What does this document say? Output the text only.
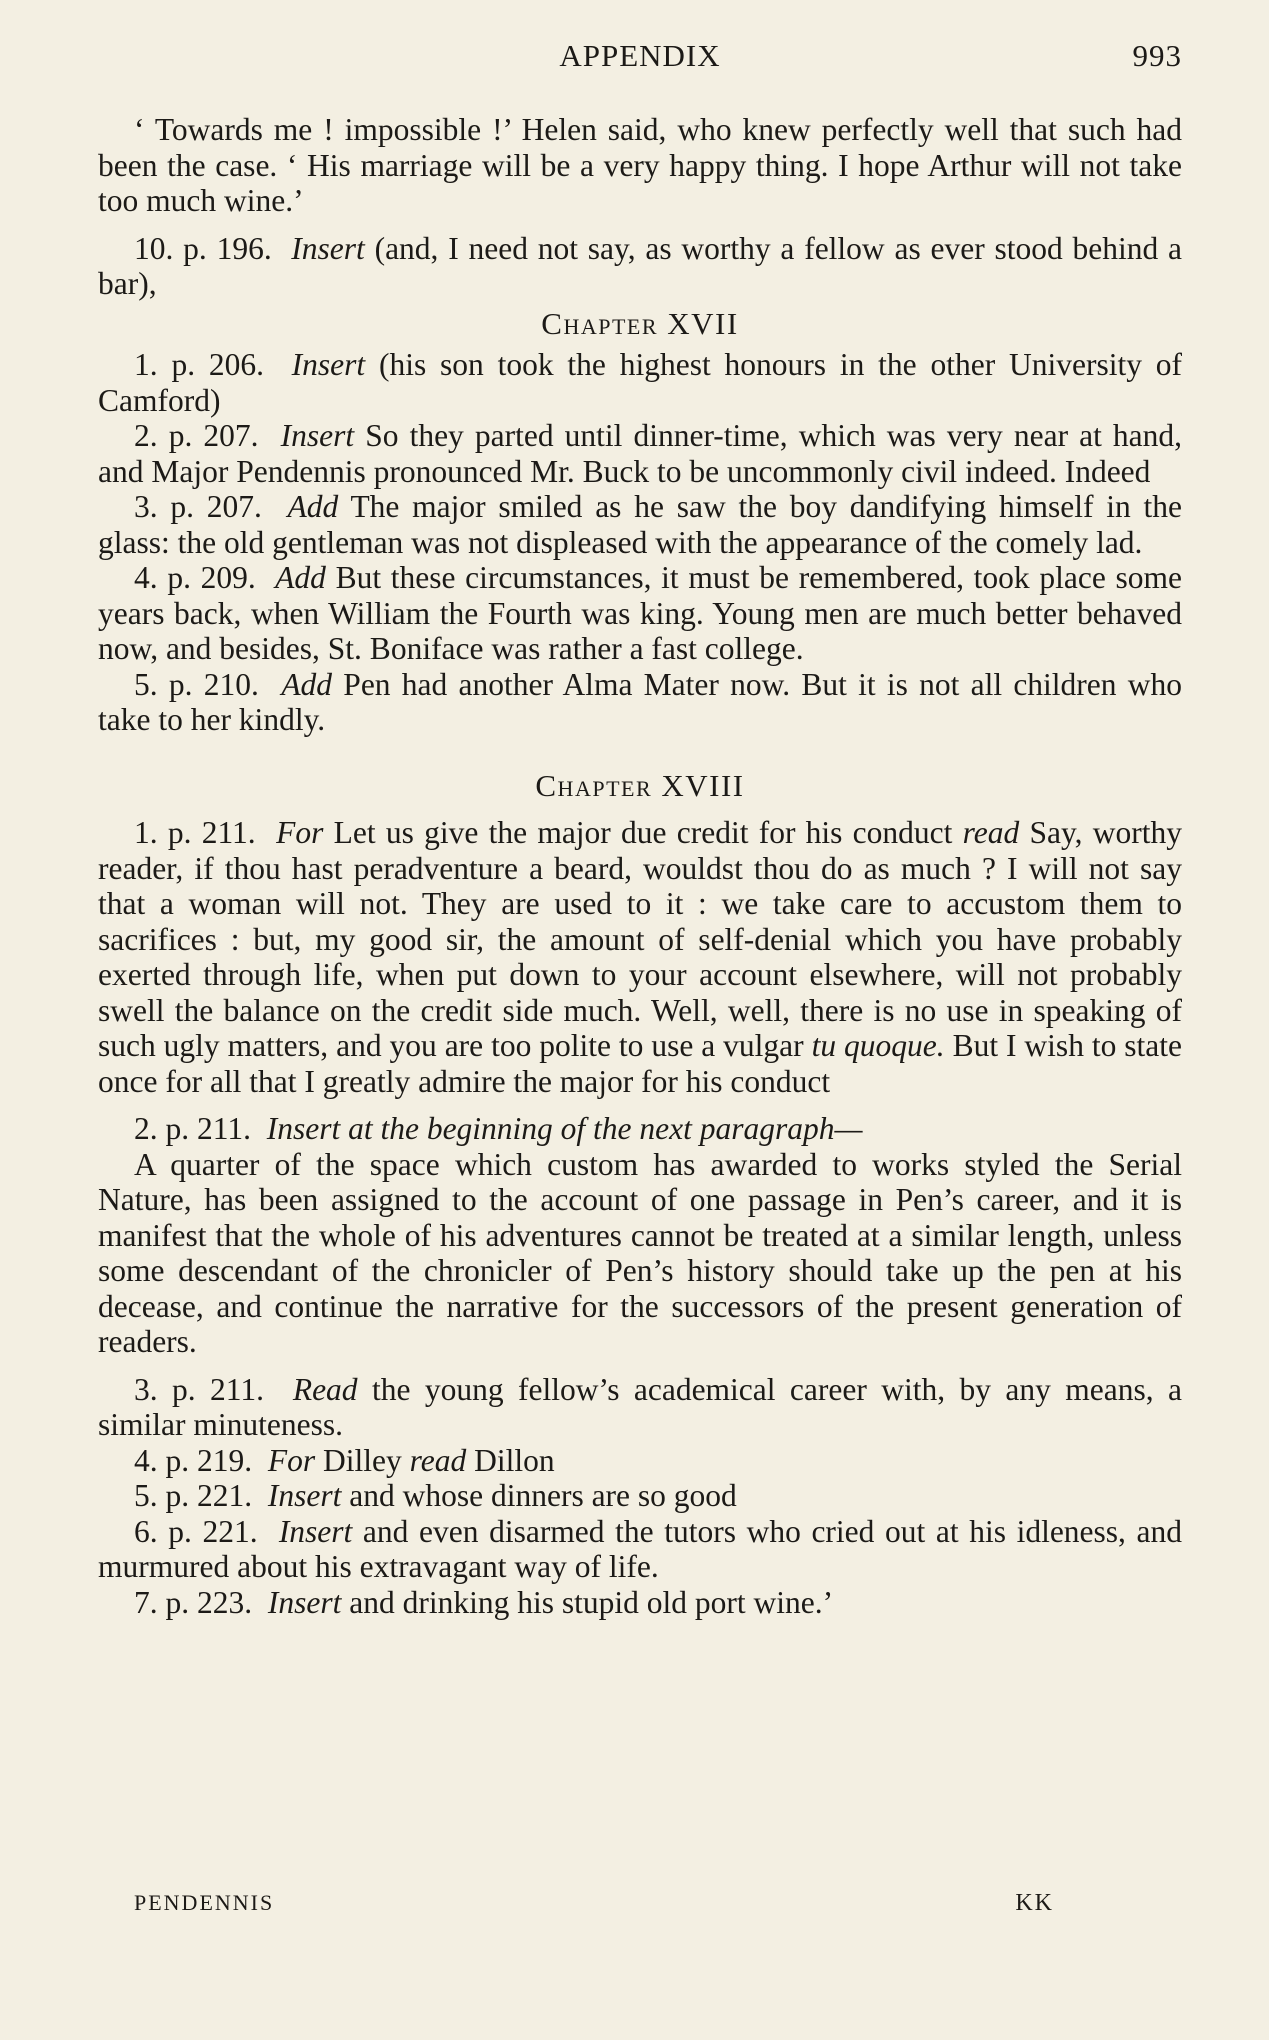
APPENDIX	993

‘ Towards me ! impossible !’ Helen said, who knew perfectly well that such had been the case. ‘ His marriage will be a very happy thing. I hope Arthur will not take too much wine.’

10. p. 196. Insert (and, I need not say, as worthy a fellow as ever stood behind a bar),

Chapter XVII

1. p. 206. Insert (his son took the highest honours in the other University of Camford)

2. p. 207. Insert So they parted until dinner-time, which was very near at hand, and Major Pendennis pronounced Mr. Buck to be uncommonly civil indeed. Indeed

3. p. 207. Add The major smiled as he saw the boy dandifying himself in the glass: the old gentleman was not displeased with the appearance of the comely lad.

4. p. 209. Add But these circumstances, it must be remembered, took place some years back, when William the Fourth was king. Young men are much better behaved now, and besides, St. Boniface was rather a fast college.

5. p. 210. Add Pen had another Alma Mater now. But it is not all children who take to her kindly.

Chapter XVIII

1. p. 211. For Let us give the major due credit for his conduct read Say, worthy reader, if thou hast peradventure a beard, wouldst thou do as much ? I will not say that a woman will not. They are used to it : we take care to accustom them to sacrifices : but, my good sir, the amount of self-denial which you have probably exerted through life, when put down to your account elsewhere, will not probably swell the balance on the credit side much. Well, well, there is no use in speaking of such ugly matters, and you are too polite to use a vulgar tu quoque. But I wish to state once for all that I greatly admire the major for his conduct

2. p. 211. Insert at the beginning of the next paragraph—

A quarter of the space which custom has awarded to works styled the Serial Nature, has been assigned to the account of one passage in Pen’s career, and it is manifest that the whole of his adventures cannot be treated at a similar length, unless some descendant of the chronicler of Pen’s history should take up the pen at his decease, and continue the narrative for the successors of the present generation of readers.

3. p. 211. Read the young fellow’s academical career with, by any means, a similar minuteness.

4. p. 219. For Dilley read Dillon

5. p. 221. Insert and whose dinners are so good

6. p. 221. Insert and even disarmed the tutors who cried out at his idleness, and murmured about his extravagant way of life.

7. p. 223. Insert and drinking his stupid old port wine.’

PENDENNIS	KK
